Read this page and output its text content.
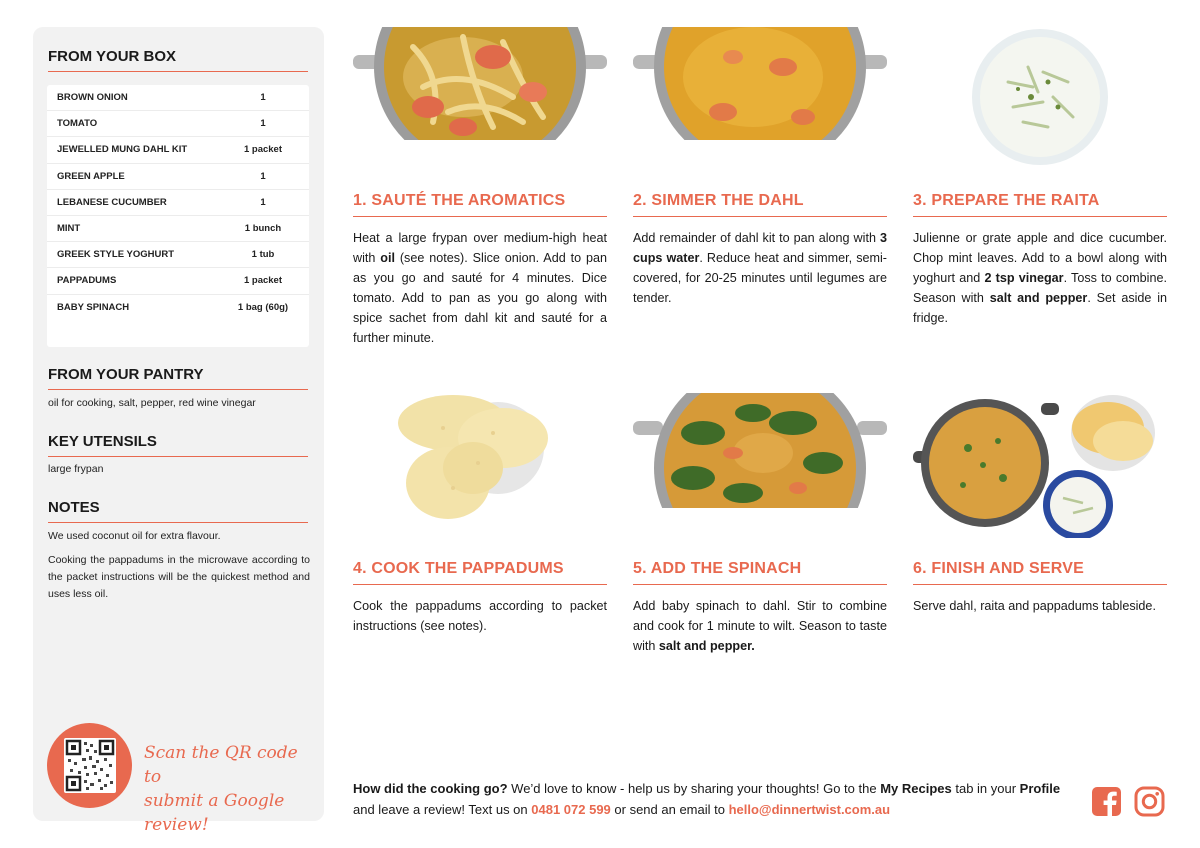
FROM YOUR BOX
BROWN ONION	1
TOMATO	1
JEWELLED MUNG DAHL KIT	1 packet
GREEN APPLE	1
LEBANESE CUCUMBER	1
MINT	1 bunch
GREEK STYLE YOGHURT	1 tub
PAPPADUMS	1 packet
BABY SPINACH	1 bag (60g)
FROM YOUR PANTRY
oil for cooking, salt, pepper, red wine vinegar
KEY UTENSILS
large frypan
NOTES
We used coconut oil for extra flavour.
Cooking the pappadums in the microwave according to the packet instructions will be the quickest method and uses less oil.
Scan the QR code to
submit a Google review!
1. SAUTÉ THE AROMATICS
Heat a large frypan over medium-high heat with oil (see notes). Slice onion. Add to pan as you go and sauté for 4 minutes. Dice tomato. Add to pan as you go along with spice sachet from dahl kit and sauté for a further minute.
2. SIMMER THE DAHL
Add remainder of dahl kit to pan along with 3 cups water. Reduce heat and simmer, semi-covered, for 20-25 minutes until legumes are tender.
3. PREPARE THE RAITA
Julienne or grate apple and dice cucumber. Chop mint leaves. Add to a bowl along with yoghurt and 2 tsp vinegar. Toss to combine. Season with salt and pepper. Set aside in fridge.
4. COOK THE PAPPADUMS
Cook the pappadums according to packet instructions (see notes).
5. ADD THE SPINACH
Add baby spinach to dahl. Stir to combine and cook for 1 minute to wilt. Season to taste with salt and pepper.
6. FINISH AND SERVE
Serve dahl, raita and pappadums tableside.
How did the cooking go? We’d love to know - help us by sharing your thoughts! Go to the My Recipes tab in your Profile and leave a review! Text us on 0481 072 599 or send an email to hello@dinnertwist.com.au
